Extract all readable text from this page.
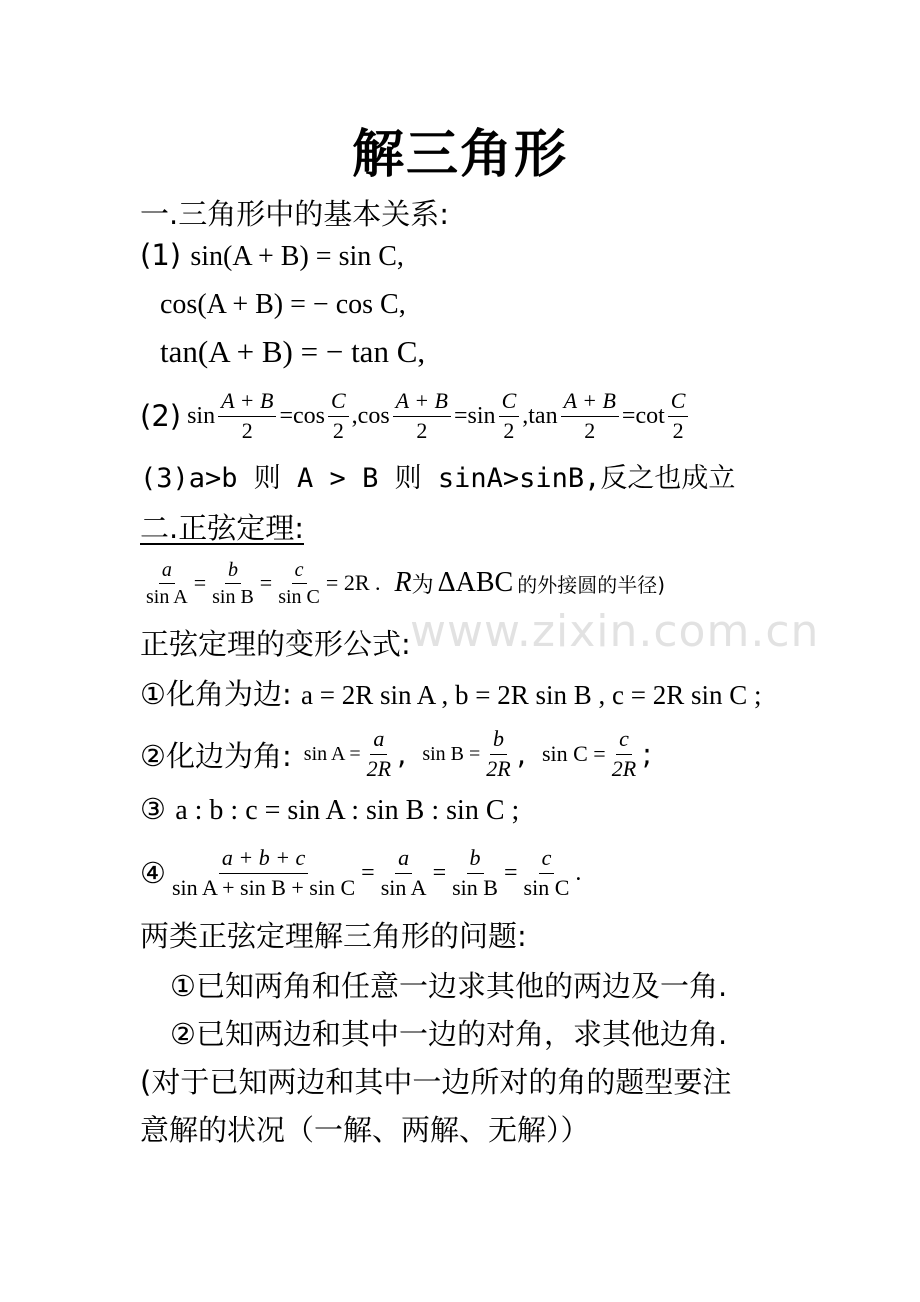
解三角形
一.三角形中的基本关系:
(1) sin(A + B) = sin C,
cos(A + B) = − cos C,
tan(A + B) = − tan C,
(2) $\sin \frac{A + B}{2} = \cos \frac{C}{2}$ , $\cos \frac{A + B}{2} = \sin \frac{C}{2}$ , $\tan \frac{A + B}{2} = \cot \frac{C}{2}$
(3)a>b 则 A > B 则 sinA>sinB,反之也成立
二.正弦定理:
$\frac{a}{\text{sin A}} = \frac{b}{\text{sin B}} = \frac{c}{\text{sin C}} = 2R$ . R 为 ΔABC 的外接圆的半径)
www.zixin.com.cn
正弦定理的变形公式:
①化角为边: a = 2R sin A , b = 2R sin B , c = 2R sin C ;
②化边为角: $\sin A = \frac{a}{2R}$ , $\sin B = \frac{b}{2R}$ , $\sin C = \frac{c}{2R}$ ;
③ a : b : c = sin A : sin B : sin C ;
④ $\frac{a + b + c}{\text{sin A + sin B + sin C}} = \frac{a}{\text{sin A}} = \frac{b}{\text{sin B}} = \frac{c}{\text{sin C}}$ .
两类正弦定理解三角形的问题:
①已知两角和任意一边求其他的两边及一角.
②已知两边和其中一边的对角，求其他边角.
(对于已知两边和其中一边所对的角的题型要注
意解的状况（一解、两解、无解））
